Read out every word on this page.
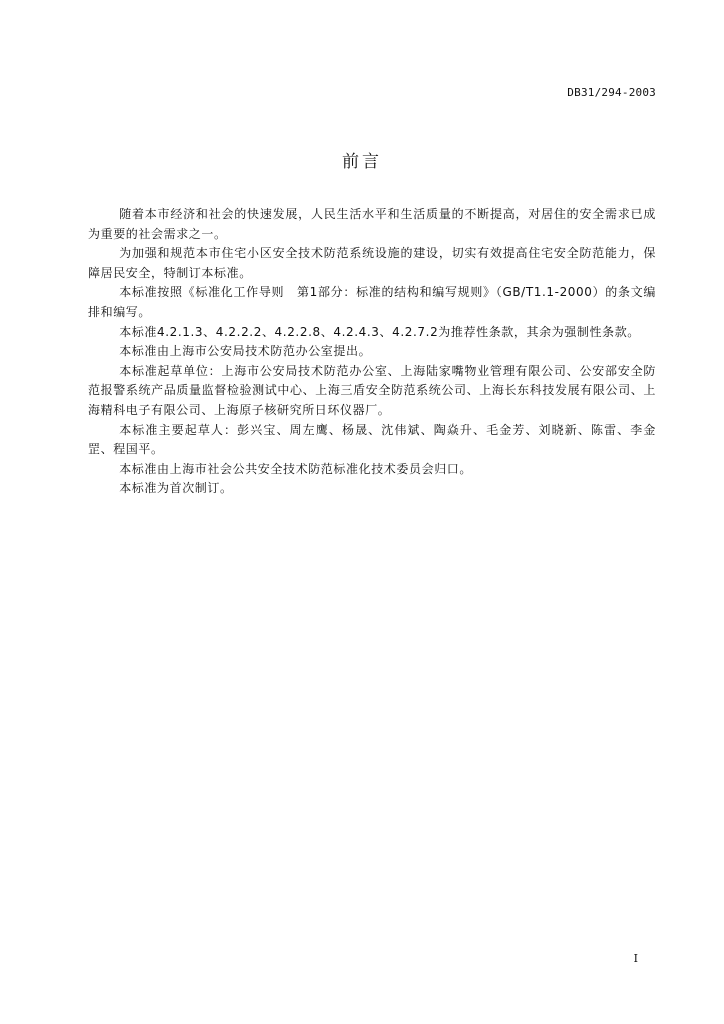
DB31/294-2003
前言

随着本市经济和社会的快速发展，人民生活水平和生活质量的不断提高，对居住的安全需求已成为重要的社会需求之一。

为加强和规范本市住宅小区安全技术防范系统设施的建设，切实有效提高住宅安全防范能力，保障居民安全，特制订本标准。

本标准按照《标准化工作导则　第1部分：标准的结构和编写规则》（GB/T1.1-2000）的条文编排和编写。

本标准4.2.1.3、4.2.2.2、4.2.2.8、4.2.4.3、4.2.7.2为推荐性条款，其余为强制性条款。

本标准由上海市公安局技术防范办公室提出。

本标准起草单位：上海市公安局技术防范办公室、上海陆家嘴物业管理有限公司、公安部安全防范报警系统产品质量监督检验测试中心、上海三盾安全防范系统公司、上海长东科技发展有限公司、上海精科电子有限公司、上海原子核研究所日环仪器厂。

本标准主要起草人：彭兴宝、周左鹰、杨晟、沈伟斌、陶焱升、毛金芳、刘晓新、陈雷、李金罡、程国平。

本标准由上海市社会公共安全技术防范标准化技术委员会归口。

本标准为首次制订。

I
